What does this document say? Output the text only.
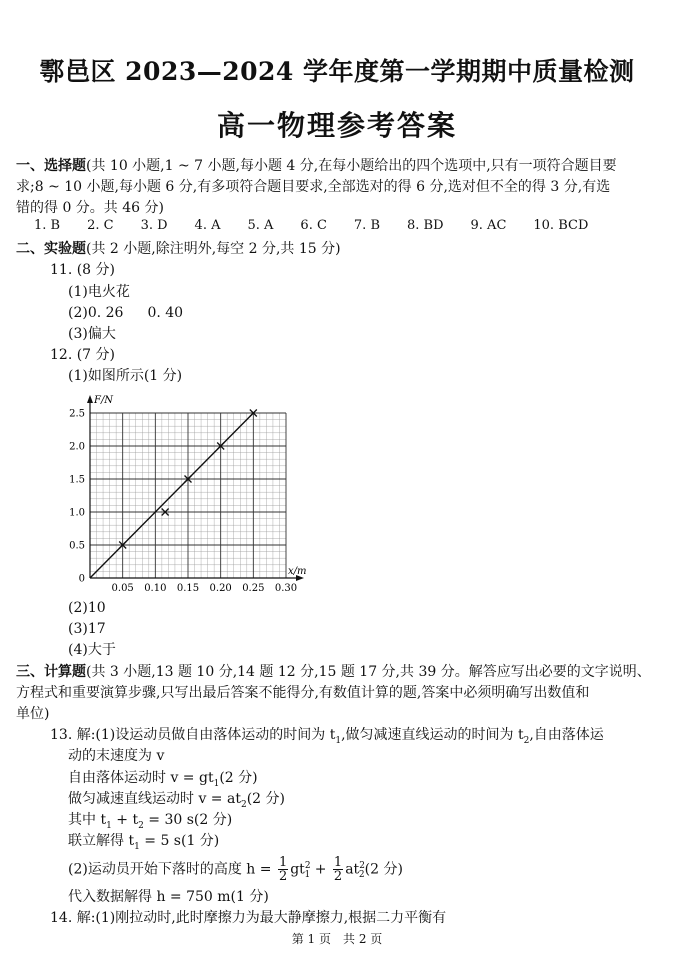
鄠邑区 2023—2024 学年度第一学期期中质量检测
高一物理参考答案
一、选择题(共 10 小题,1 ~ 7 小题,每小题 4 分,在每小题给出的四个选项中,只有一项符合题目要
求;8 ~ 10 小题,每小题 6 分,有多项符合题目要求,全部选对的得 6 分,选对但不全的得 3 分,有选
错的得 0 分。共 46 分)
1. B 2. C 3. D 4. A 5. A 6. C 7. B 8. BD 9. AC 10. BCD
二、实验题(共 2 小题,除注明外,每空 2 分,共 15 分)
11. (8 分)
(1)电火花
(2)0. 26 0. 40
(3)偏大
12. (7 分)
(1)如图所示(1 分)
0.05 0.10 0.15 0.20 0.25 0.30
0
0.5
1.0
1.5
2.0
2.5
F/N
x/m
(2)10
(3)17
(4)大于
三、计算题(共 3 小题,13 题 10 分,14 题 12 分,15 题 17 分,共 39 分。解答应写出必要的文字说明、
方程式和重要演算步骤,只写出最后答案不能得分,有数值计算的题,答案中必须明确写出数值和
单位)
13. 解:(1)设运动员做自由落体运动的时间为 $t_1$,做匀减速直线运动的时间为 $t_2$,自由落体运
动的末速度为 v
自由落体运动时 $v = gt_1(2$ 分)
做匀减速直线运动时 $v = at_2(2$ 分)
其中 $t_1 + t_2 = 30$ s(2 分)
联立解得 $t_1 = 5$ s(1 分)
(2)运动员开始下落时的高度 $h = \frac{1}{2} gt^2_1 + \frac{1}{2} at^2_2(2$ 分)
代入数据解得 h = 750 m(1 分)
14. 解:(1)刚拉动时,此时摩擦力为最大静摩擦力,根据二力平衡有
第 1 页　共 2 页
